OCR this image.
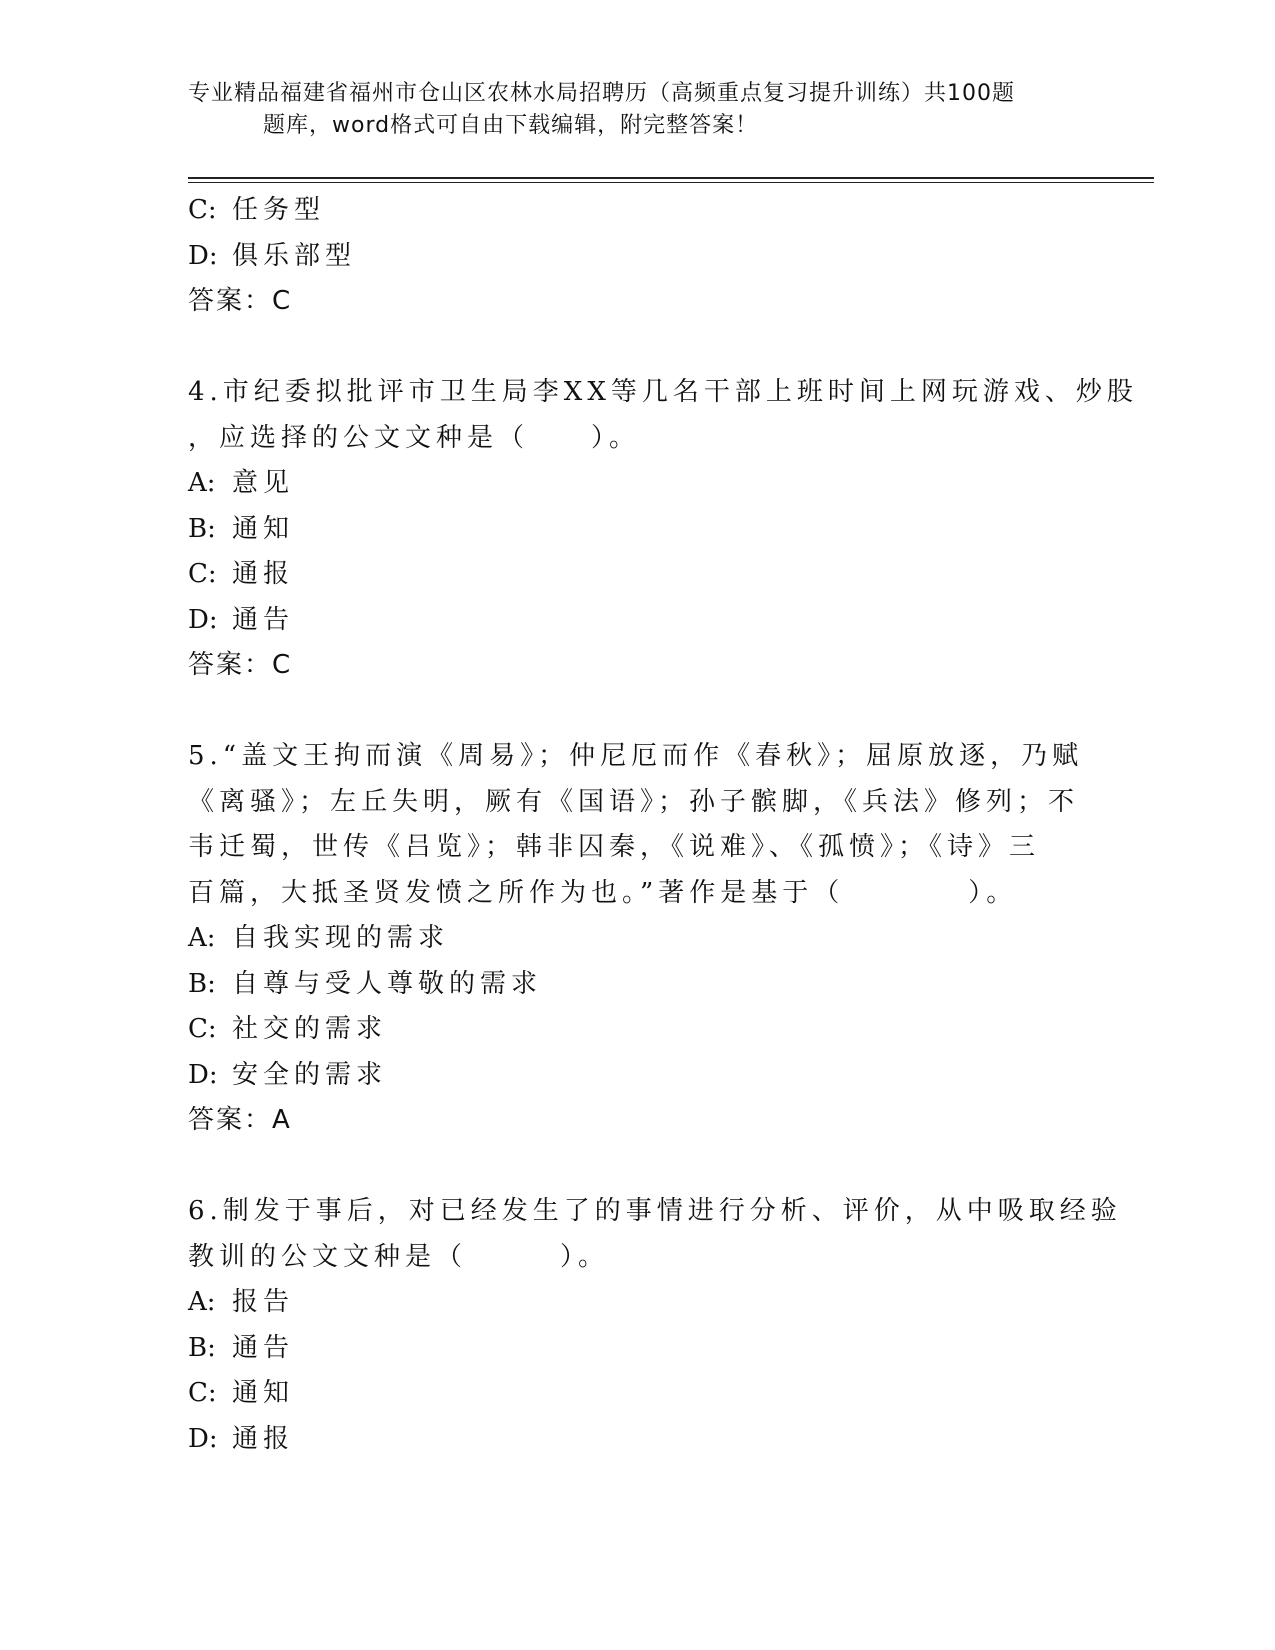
专业精品福建省福州市仓山区农林水局招聘历（高频重点复习提升训练）共100题
题库，word格式可自由下载编辑，附完整答案！
C: 任务型
D: 俱乐部型
答案：C
4.市纪委拟批评市卫生局李XX等几名干部上班时间上网玩游戏、炒股
，应选择的公文文种是（　　）。
A: 意见
B: 通知
C: 通报
D: 通告
答案：C
5.“盖文王拘而演《周易》；仲尼厄而作《春秋》；屈原放逐，乃赋
《离骚》；左丘失明，厥有《国语》；孙子髌脚，《兵法》修列；不
韦迁蜀，世传《吕览》；韩非囚秦，《说难》、《孤愤》；《诗》三
百篇，大抵圣贤发愤之所作为也。”著作是基于（　　　　）。
A: 自我实现的需求
B: 自尊与受人尊敬的需求
C: 社交的需求
D: 安全的需求
答案：A
6.制发于事后，对已经发生了的事情进行分析、评价，从中吸取经验
教训的公文文种是（　　　）。
A: 报告
B: 通告
C: 通知
D: 通报
